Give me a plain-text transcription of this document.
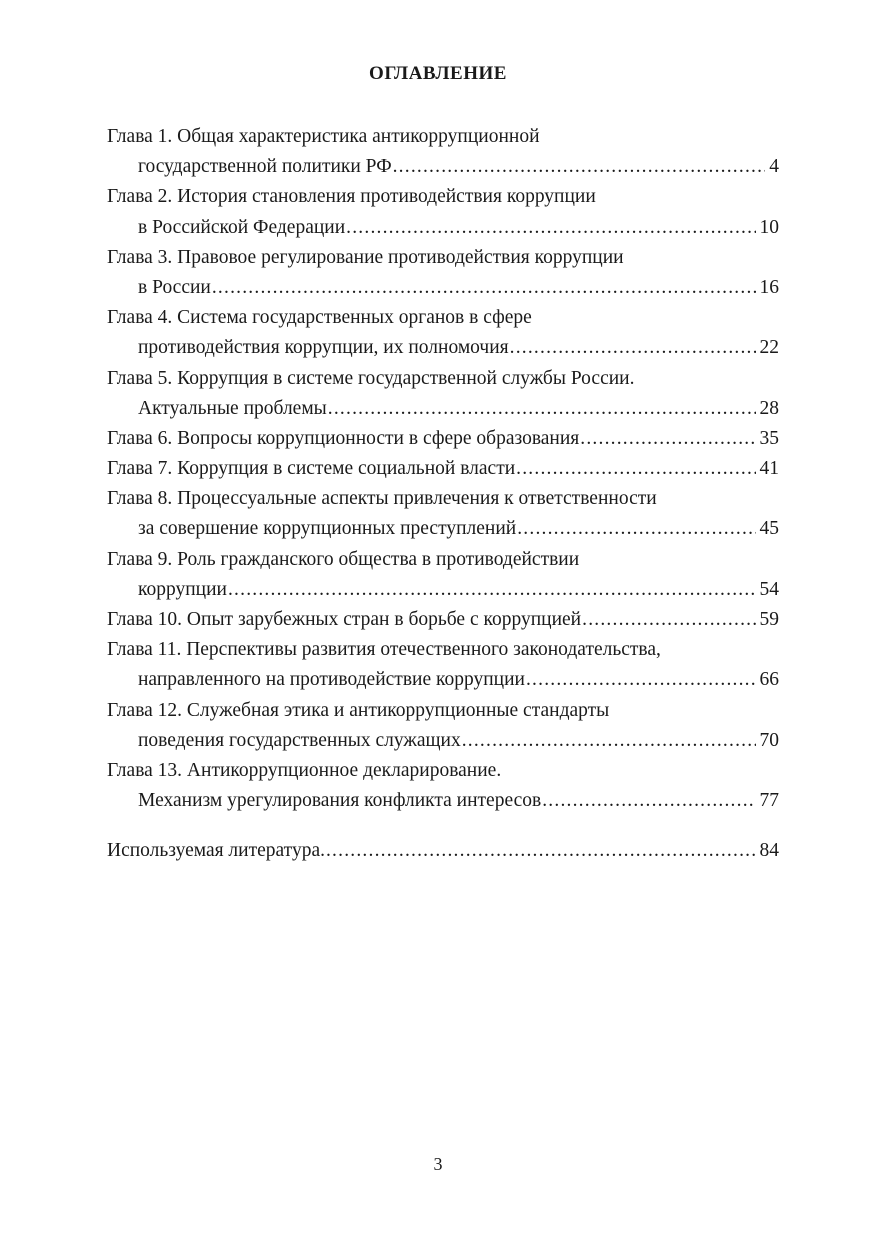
ОГЛАВЛЕНИЕ
Глава 1. Общая характеристика антикоррупционной
государственной политики РФ .....	4
Глава 2. История становления противодействия коррупции
в Российской Федерации .....	10
Глава 3. Правовое регулирование противодействия коррупции
в России .....	16
Глава 4. Система государственных органов в сфере
противодействия коррупции, их полномочия .....	22
Глава 5. Коррупция в системе государственной службы России.
Актуальные проблемы .....	28
Глава 6. Вопросы коррупционности в сфере образования .....	35
Глава 7. Коррупция в системе социальной власти .....	41
Глава 8. Процессуальные аспекты привлечения к ответственности
за совершение коррупционных преступлений .....	45
Глава 9. Роль гражданского общества в противодействии
коррупции .....	54
Глава 10. Опыт зарубежных стран в борьбе с коррупцией .....	59
Глава 11. Перспективы развития отечественного законодательства,
направленного на противодействие коррупции .....	66
Глава 12. Служебная этика и антикоррупционные стандарты
поведения государственных служащих .....	70
Глава 13. Антикоррупционное декларирование.
Механизм урегулирования конфликта интересов .....	77
Используемая литература. .....	84
3
